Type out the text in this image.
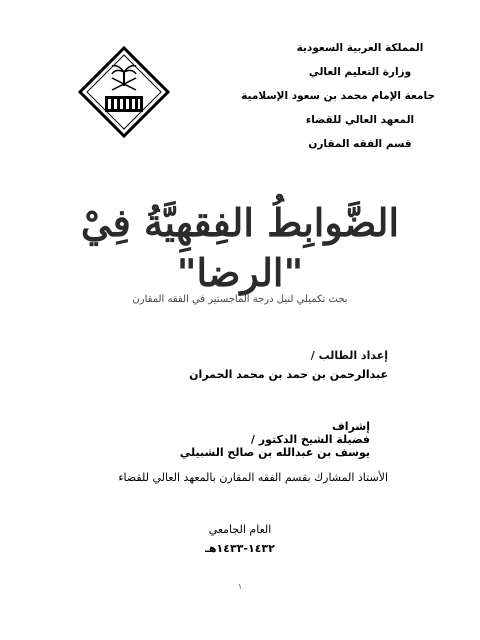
المملكة العربية السعودية
وزارة التعليم العالي
جامعة الإمام محمد بن سعود الإسلامية
المعهد العالي للقضاء
قسم الفقه المقارن
الضَّوابِطُ الفِقهِيَّةُ فِيْ
"الرضا"
بحث تكميلي لنيل درجة الماجستير في الفقه المقارن
إعداد الطالب /
عبدالرحمن بن حمد بن محمد الحمران
إشراف
فضيلة الشيخ الدكتور /
يوسف بن عبدالله بن صالح الشبيلي
الأستاذ المشارك بقسم الفقه المقارن بالمعهد العالي للقضاء
العام الجامعي
١٤٣٢-١٤٣٣هـ
١
